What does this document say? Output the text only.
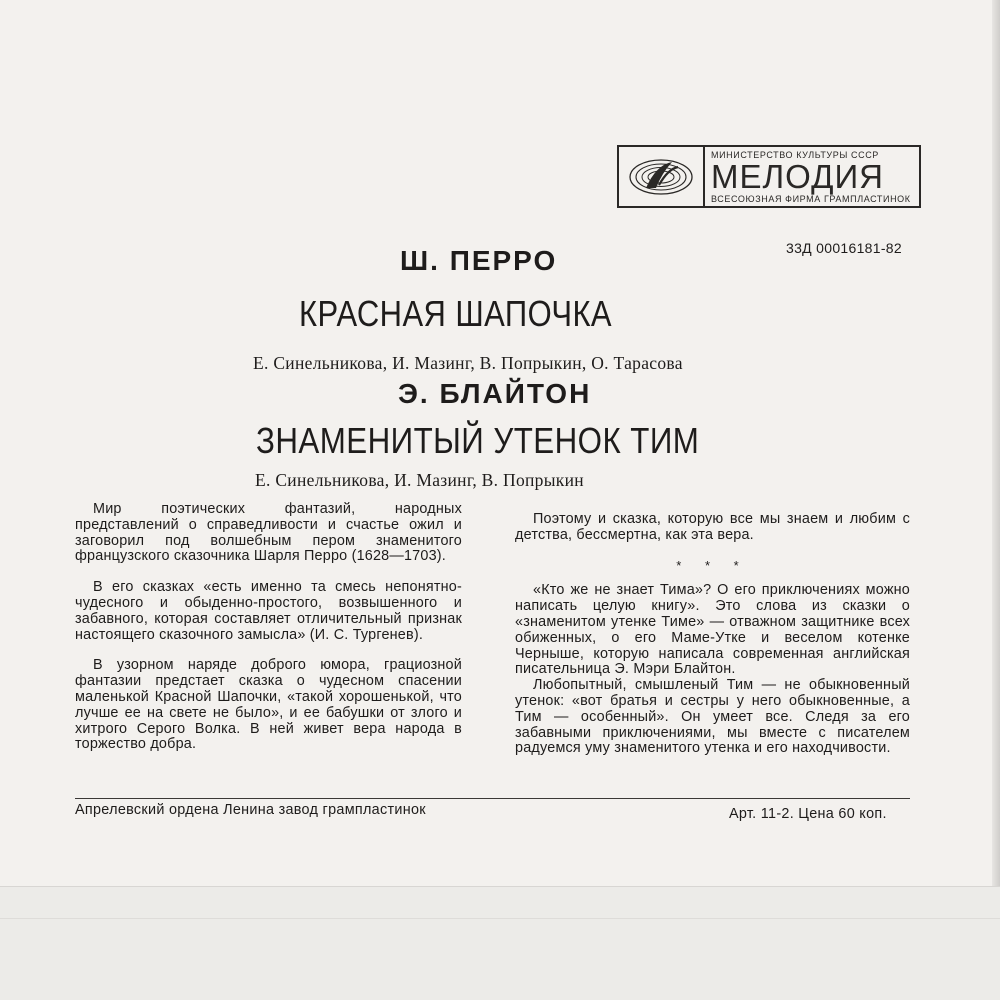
МИНИСТЕРСТВО КУЛЬТУРЫ СССР
МЕЛОДИЯ
ВСЕСОЮЗНАЯ ФИРМА ГРАМПЛАСТИНОК
33Д 00016181-82
Ш. ПЕРРО
КРАСНАЯ ШАПОЧКА
Е. Синельникова, И. Мазинг, В. Попрыкин, О. Тарасова
Э. БЛАЙТОН
ЗНАМЕНИТЫЙ УТЕНОК ТИМ
Е. Синельникова, И. Мазинг, В. Попрыкин

Мир поэтических фантазий, народных представлений о справедливости и счастье ожил и заговорил под волшебным пером знаменитого французского сказочника Шарля Перро (1628—1703).

В его сказках «есть именно та смесь непонятно-чудесного и обыденно-простого, возвышенного и забавного, которая составляет отличительный признак настоящего сказочного замысла» (И. С. Тургенев).

В узорном наряде доброго юмора, грациозной фантазии предстает сказка о чудесном спасении маленькой Красной Шапочки, «такой хорошенькой, что лучше ее на свете не было», и ее бабушки от злого и хитрого Серого Волка. В ней живет вера народа в торжество добра.

Поэтому и сказка, которую все мы знаем и любим с детства, бессмертна, как эта вера.

* * *

«Кто же не знает Тима»? О его приключениях можно написать целую книгу». Это слова из сказки о «знаменитом утенке Тиме» — отважном защитнике всех обиженных, о его Маме-Утке и веселом котенке Черныше, которую написала современная английская писательница Э. Мэри Блайтон.

Любопытный, смышленый Тим — не обыкновенный утенок: «вот братья и сестры у него обыкновенные, а Тим — особенный». Он умеет все. Следя за его забавными приключениями, мы вместе с писателем радуемся уму знаменитого утенка и его находчивости.

Апрелевский ордена Ленина завод грампластинок	Арт. 11-2. Цена 60 коп.
